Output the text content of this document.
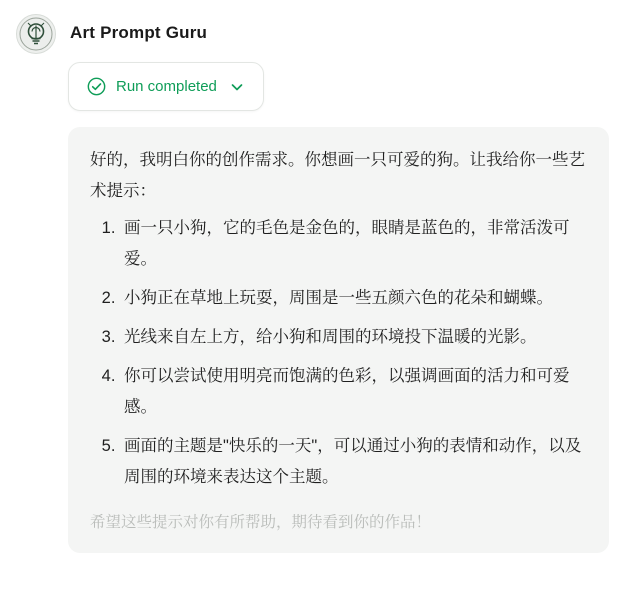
Art Prompt Guru
Run completed

好的，我明白你的创作需求。你想画一只可爱的狗。让我给你一些艺术提示：

1. 画一只小狗，它的毛色是金色的，眼睛是蓝色的，非常活泼可爱。
2. 小狗正在草地上玩耍，周围是一些五颜六色的花朵和蝴蝶。
3. 光线来自左上方，给小狗和周围的环境投下温暖的光影。
4. 你可以尝试使用明亮而饱满的色彩，以强调画面的活力和可爱感。
5. 画面的主题是"快乐的一天"，可以通过小狗的表情和动作，以及周围的环境来表达这个主题。

希望这些提示对你有所帮助，期待看到你的作品！
